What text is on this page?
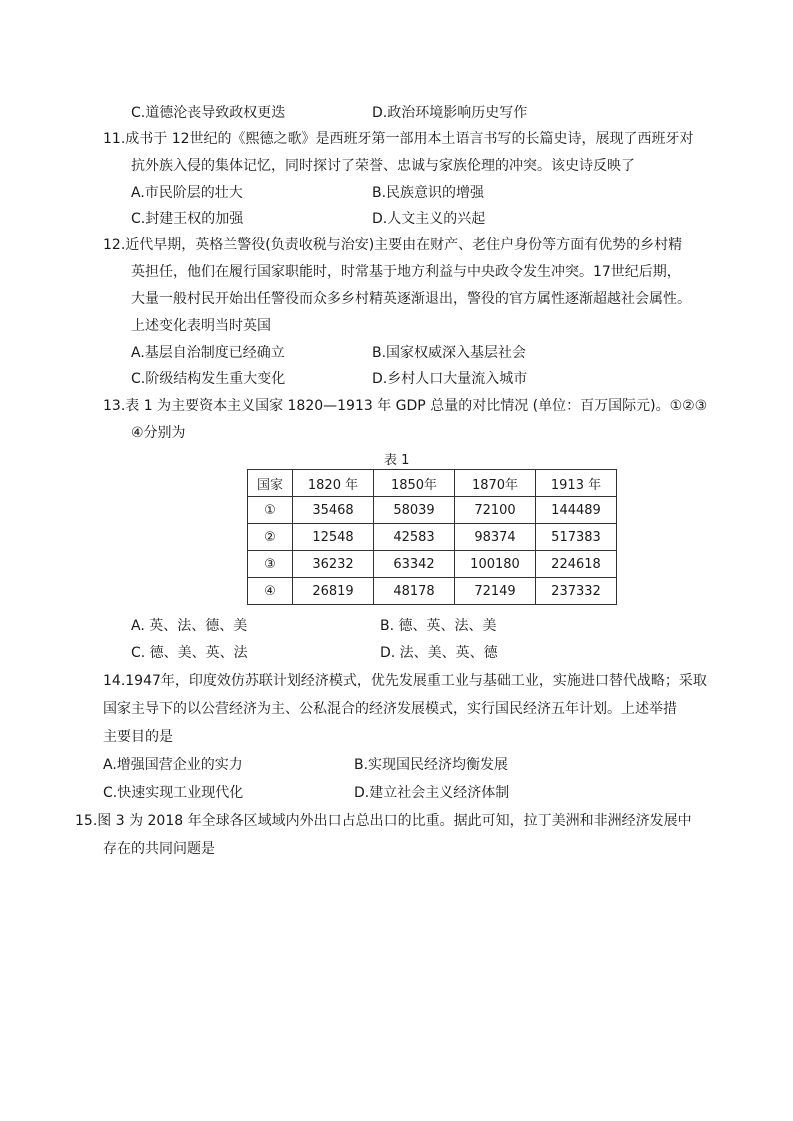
C.道德沦丧导致政权更迭	D.政治环境影响历史写作
11.成书于 12世纪的《熙德之歌》是西班牙第一部用本土语言书写的长篇史诗，展现了西班牙对
抗外族入侵的集体记忆，同时探讨了荣誉、忠诚与家族伦理的冲突。该史诗反映了
A.市民阶层的壮大	B.民族意识的增强
C.封建王权的加强	D.人文主义的兴起
12.近代早期，英格兰警役(负责收税与治安)主要由在财产、老住户身份等方面有优势的乡村精
英担任，他们在履行国家职能时，时常基于地方利益与中央政令发生冲突。17世纪后期，
大量一般村民开始出任警役而众多乡村精英逐渐退出，警役的官方属性逐渐超越社会属性。
上述变化表明当时英国
A.基层自治制度已经确立	B.国家权威深入基层社会
C.阶级结构发生重大变化	D.乡村人口大量流入城市
13.表 1 为主要资本主义国家 1820—1913 年 GDP 总量的对比情况 (单位：百万国际元)。①②③
④分别为
表 1
国家	1820 年	1850年	1870年	1913 年
①	35468	58039	72100	144489
②	12548	42583	98374	517383
③	36232	63342	100180	224618
④	26819	48178	72149	237332
A. 英、法、德、美	B. 德、英、法、美
C. 德、美、英、法	D. 法、美、英、德
14.1947年，印度效仿苏联计划经济模式，优先发展重工业与基础工业，实施进口替代战略；采取
国家主导下的以公营经济为主、公私混合的经济发展模式，实行国民经济五年计划。上述举措
主要目的是
A.增强国营企业的实力	B.实现国民经济均衡发展
C.快速实现工业现代化	D.建立社会主义经济体制
15.图 3 为 2018 年全球各区域域内外出口占总出口的比重。据此可知，拉丁美洲和非洲经济发展中
存在的共同问题是
